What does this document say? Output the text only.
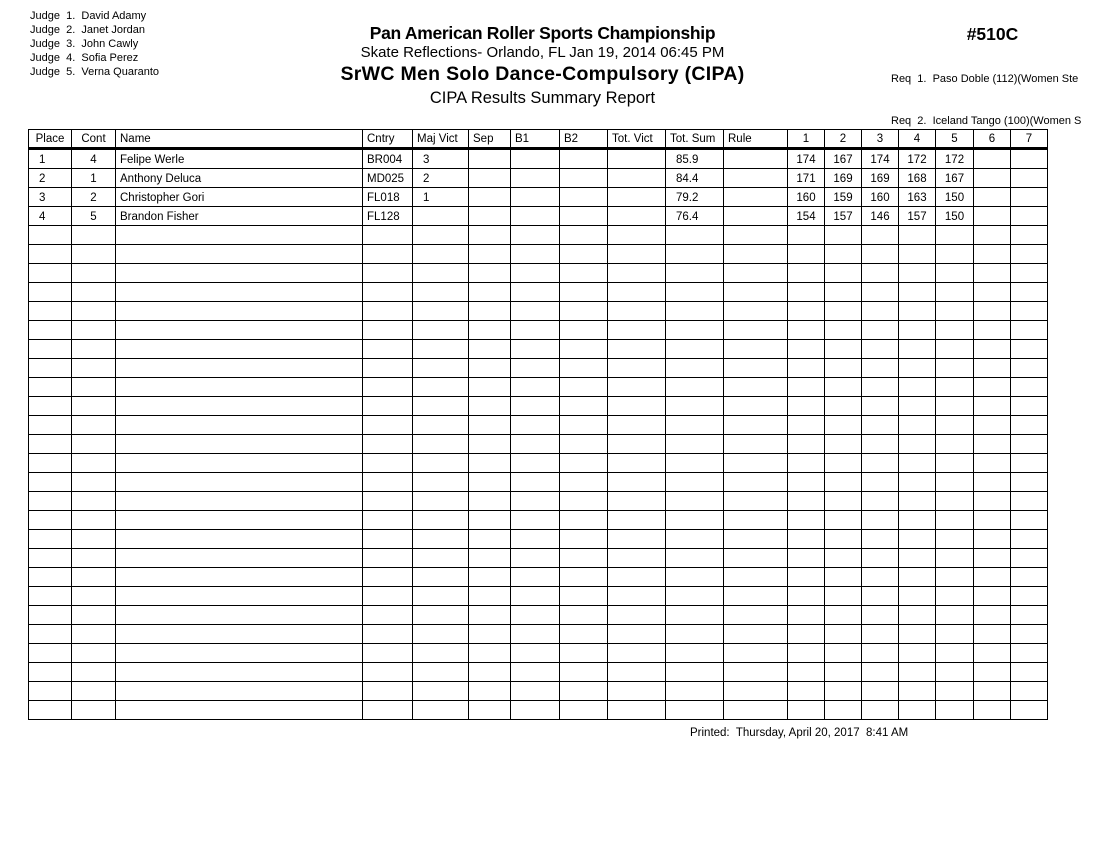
Judge  1.  David Adamy
Judge  2.  Janet Jordan
Judge  3.  John Cawly
Judge  4.  Sofia Perez
Judge  5.  Verna Quaranto
Pan American Roller Sports Championship
Skate Reflections- Orlando, FL Jan 19, 2014 06:45 PM
SrWC Men Solo Dance-Compulsory (CIPA)
CIPA Results Summary Report
#510C

Req  1.  Paso Doble (112)(Women Ste

Req  2.  Iceland Tango (100)(Women S

Place	Cont	Name	Cntry	Maj Vict	Sep	B1	B2	Tot. Vict	Tot. Sum	Rule	1	2	3	4	5	6	7
1	4	Felipe Werle	BR004	3					85.9		174	167	174	172	172		
2	1	Anthony Deluca	MD025	2					84.4		171	169	169	168	167		
3	2	Christopher Gori	FL018	1					79.2		160	159	160	163	150		
4	5	Brandon Fisher	FL128						76.4		154	157	146	157	150		

Printed:  Thursday, April 20, 2017  8:41 AM
